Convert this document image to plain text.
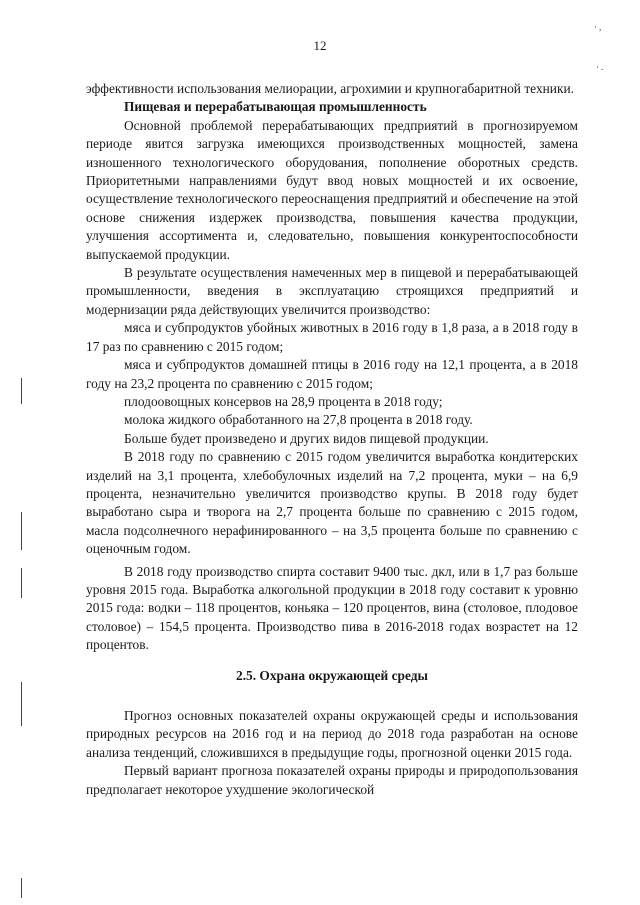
·,
·.
12

эффективности использования мелиорации, агрохимии и крупногабаритной техники.

Пищевая и перерабатывающая промышленность

Основной проблемой перерабатывающих предприятий в прогнозируемом периоде явится загрузка имеющихся производственных мощностей, замена изношенного технологического оборудования, пополнение оборотных средств. Приоритетными направлениями будут ввод новых мощностей и их освоение, осуществление технологического переоснащения предприятий и обеспечение на этой основе снижения издержек производства, повышения качества продукции, улучшения ассортимента и, следовательно, повышения конкурентоспособности выпускаемой продукции.

В результате осуществления намеченных мер в пищевой и перерабатывающей промышленности, введения в эксплуатацию строящихся предприятий и модернизации ряда действующих увеличится производство:

мяса и субпродуктов убойных животных в 2016 году в 1,8 раза, а в 2018 году в 17 раз по сравнению с 2015 годом;

мяса и субпродуктов домашней птицы в 2016 году на 12,1 процента, а в 2018 году на 23,2 процента по сравнению с 2015 годом;

плодоовощных консервов на 28,9 процента в 2018 году;

молока жидкого обработанного на 27,8 процента в 2018 году.

Больше будет произведено и других видов пищевой продукции.

В 2018 году по сравнению с 2015 годом увеличится выработка кондитерских изделий на 3,1 процента, хлебобулочных изделий на 7,2 процента, муки – на 6,9 процента, незначительно увеличится производство крупы. В 2018 году будет выработано сыра и творога на 2,7 процента больше по сравнению с 2015 годом, масла подсолнечного нерафинированного – на 3,5 процента больше по сравнению с оценочным годом.

В 2018 году производство спирта составит 9400 тыс. дкл, или в 1,7 раз больше уровня 2015 года. Выработка алкогольной продукции в 2018 году составит к уровню 2015 года: водки – 118 процентов, коньяка – 120 процентов, вина (столовое, плодовое столовое) – 154,5 процента. Производство пива в 2016-2018 годах возрастет на 12 процентов.

2.5. Охрана окружающей среды

Прогноз основных показателей охраны окружающей среды и использования природных ресурсов на 2016 год и на период до 2018 года разработан на основе анализа тенденций, сложившихся в предыдущие годы, прогнозной оценки 2015 года.

Первый вариант прогноза показателей охраны природы и природопользования предполагает некоторое ухудшение экологической
